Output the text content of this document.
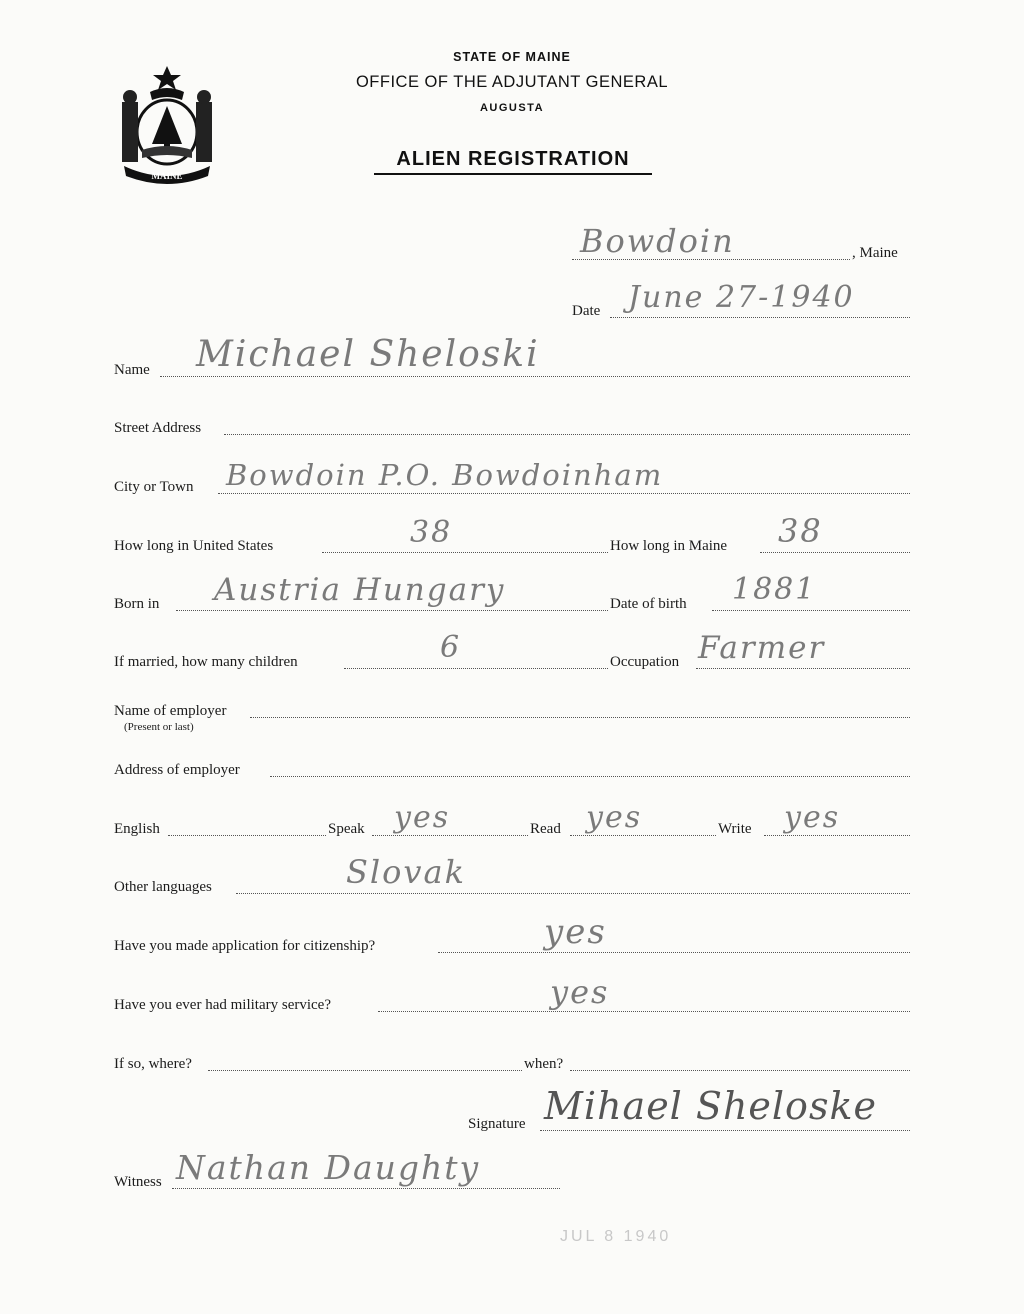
MAINE
STATE OF MAINE
OFFICE OF THE ADJUTANT GENERAL
AUGUSTA
ALIEN REGISTRATION
Bowdoin	, Maine
Date June 27-1940
Name Michael Sheloski
Street Address
City or Town Bowdoin P.O. Bowdoinham
How long in United States	38	How long in Maine 38
Born in Austria Hungary	Date of birth 1881
If married, how many children	6	Occupation Farmer
Name of employer
(Present or last)
Address of employer
English	Speak yes	Read yes	Write yes
Other languages	Slovak
Have you made application for citizenship?	yes
Have you ever had military service?	yes
If so, where?	when?
Signature Mihael Sheloske
Witness Nathan Daughty
JUL 8 1940
